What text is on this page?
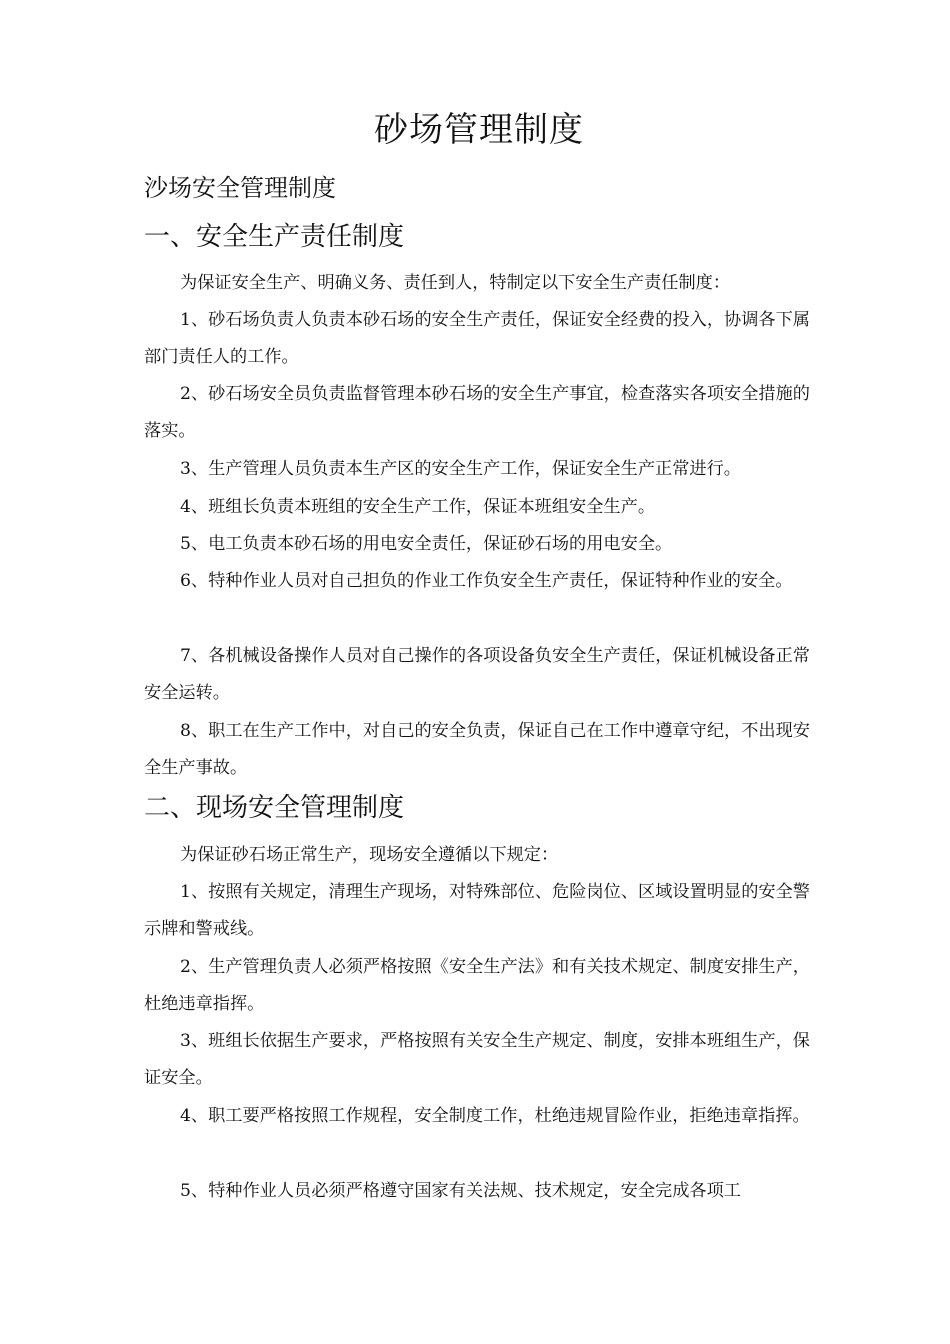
砂场管理制度
沙场安全管理制度
一、安全生产责任制度

为保证安全生产、明确义务、责任到人，特制定以下安全生产责任制度：

1、砂石场负责人负责本砂石场的安全生产责任，保证安全经费的投入，协调各下属部门责任人的工作。

2、砂石场安全员负责监督管理本砂石场的安全生产事宜，检查落实各项安全措施的落实。

3、生产管理人员负责本生产区的安全生产工作，保证安全生产正常进行。

4、班组长负责本班组的安全生产工作，保证本班组安全生产。

5、电工负责本砂石场的用电安全责任，保证砂石场的用电安全。

6、特种作业人员对自己担负的作业工作负安全生产责任，保证特种作业的安全。

7、各机械设备操作人员对自己操作的各项设备负安全生产责任，保证机械设备正常安全运转。

8、职工在生产工作中，对自己的安全负责，保证自己在工作中遵章守纪，不出现安全生产事故。

二、现场安全管理制度

为保证砂石场正常生产，现场安全遵循以下规定：

1、按照有关规定，清理生产现场，对特殊部位、危险岗位、区域设置明显的安全警示牌和警戒线。

2、生产管理负责人必须严格按照《安全生产法》和有关技术规定、制度安排生产，杜绝违章指挥。

3、班组长依据生产要求，严格按照有关安全生产规定、制度，安排本班组生产，保证安全。

4、职工要严格按照工作规程，安全制度工作，杜绝违规冒险作业，拒绝违章指挥。

5、特种作业人员必须严格遵守国家有关法规、技术规定，安全完成各项工
